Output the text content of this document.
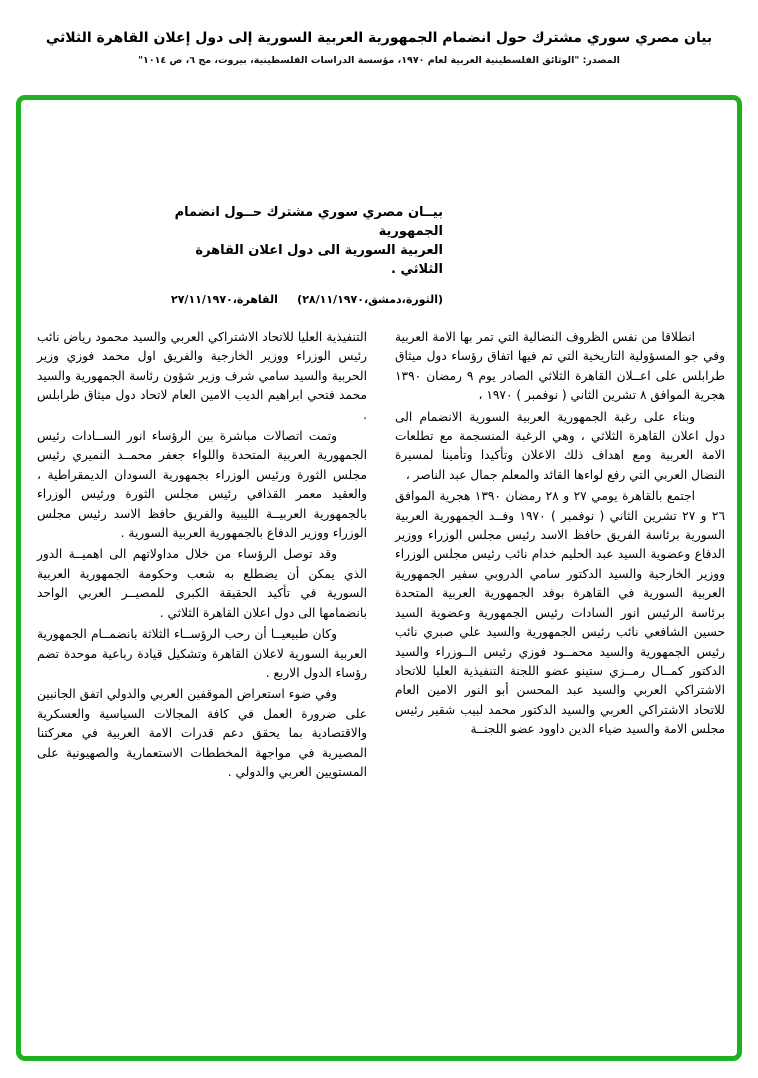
بيان مصري سوري مشترك حول انضمام الجمهورية العربية السورية إلى دول إعلان القاهرة الثلاثي
المصدر: "الوثائق الفلسطينية العربية لعام ١٩٧٠، مؤسسة الدراسات الفلسطينية، بيروت، مج ٦، ص ١٠١٤"
بيــان مصري سوري مشترك حــول انضمام الجمهورية
العربية السورية الى دول اعلان القاهرة الثلاثي .
القاهرة،٢٧/١١/١٩٧٠ (الثورة،دمشق،٢٨/١١/١٩٧٠)

انطلاقا من نفس الظروف النضالية التي تمر بها الامة العربية وفي جو المسؤولية التاريخية التي تم فيها اتفاق رؤساء دول ميثاق طرابلس على اعــلان القاهرة الثلاثي الصادر يوم ٩ رمضان ١٣٩٠ هجرية الموافق ٨ تشرين الثاني ( نوفمبر ) ١٩٧٠ ،

وبناء على رغبة الجمهورية العربية السورية الانضمام الى دول اعلان القاهرة الثلاثي ، وهي الرغبة المنسجمة مع تطلعات الامة العربية ومع اهداف ذلك الاعلان وتأكيدا وتأمينا لمسيرة النضال العربي التي رفع لواءها القائد والمعلم جمال عبد الناصر ،

اجتمع بالقاهرة يومي ٢٧ و ٢٨ رمضان ١٣٩٠ هجرية الموافق ٢٦ و ٢٧ تشرين الثاني ( نوفمبر ) ١٩٧٠ وفــد الجمهورية العربية السورية برئاسة الفريق حافظ الاسد رئيس مجلس الوزراء ووزير الدفاع وعضوية السيد عبد الحليم خدام نائب رئيس مجلس الوزراء ووزير الخارجية والسيد الدكتور سامي الدروبي سفير الجمهورية العربية السورية في القاهرة بوفد الجمهورية العربية المتحدة برئاسة الرئيس انور السادات رئيس الجمهورية وعضوية السيد حسين الشافعي نائب رئيس الجمهورية والسيد علي صبري نائب رئيس الجمهورية والسيد محمــود فوزي رئيس الــوزراء والسيد الدكتور كمــال رمــزي ستينو عضو اللجنة التنفيذية العليا للاتحاد الاشتراكي العربي والسيد عبد المحسن أبو النور الامين العام للاتحاد الاشتراكي العربي والسيد الدكتور محمد لبيب شقير رئيس مجلس الامة والسيد ضياء الدين داوود عضو اللجنــة

التنفيذية العليا للاتحاد الاشتراكي العربي والسيد محمود رياض نائب رئيس الوزراء ووزير الخارجية والفريق اول محمد فوزي وزير الحربية والسيد سامي شرف وزير شؤون رئاسة الجمهورية والسيد محمد فتحي ابراهيم الديب الامين العام لاتحاد دول ميثاق طرابلس .

وتمت اتصالات مباشرة بين الرؤساء انور الســادات رئيس الجمهورية العربية المتحدة واللواء جعفر محمــد النميري رئيس مجلس الثورة ورئيس الوزراء بجمهورية السودان الديمقراطية ، والعقيد معمر القذافي رئيس مجلس الثورة ورئيس الوزراء بالجمهورية العربيــة الليبية والفريق حافظ الاسد رئيس مجلس الوزراء ووزير الدفاع بالجمهورية العربية السورية .

وقد توصل الرؤساء من خلال مداولاتهم الى اهميــة الدور الذي يمكن أن يضطلع به شعب وحكومة الجمهورية العربية السورية في تأكيد الحقيقة الكبرى للمصيــر العربي الواحد بانضمامها الى دول اعلان القاهرة الثلاثي .

وكان طبيعيــا أن رحب الرؤســاء الثلاثة بانضمــام الجمهورية العربية السورية لاعلان القاهرة وتشكيل قيادة رباعية موحدة تضم رؤساء الدول الاربع .

وفي ضوء استعراض الموقفين العربي والدولي اتفق الجانبين على ضرورة العمل في كافة المجالات السياسية والعسكرية والاقتصادية بما يحقق دعم قدرات الامة العربية في معركتنا المصيرية في مواجهة المخططات الاستعمارية والصهيونية على المستويين العربي والدولي .
